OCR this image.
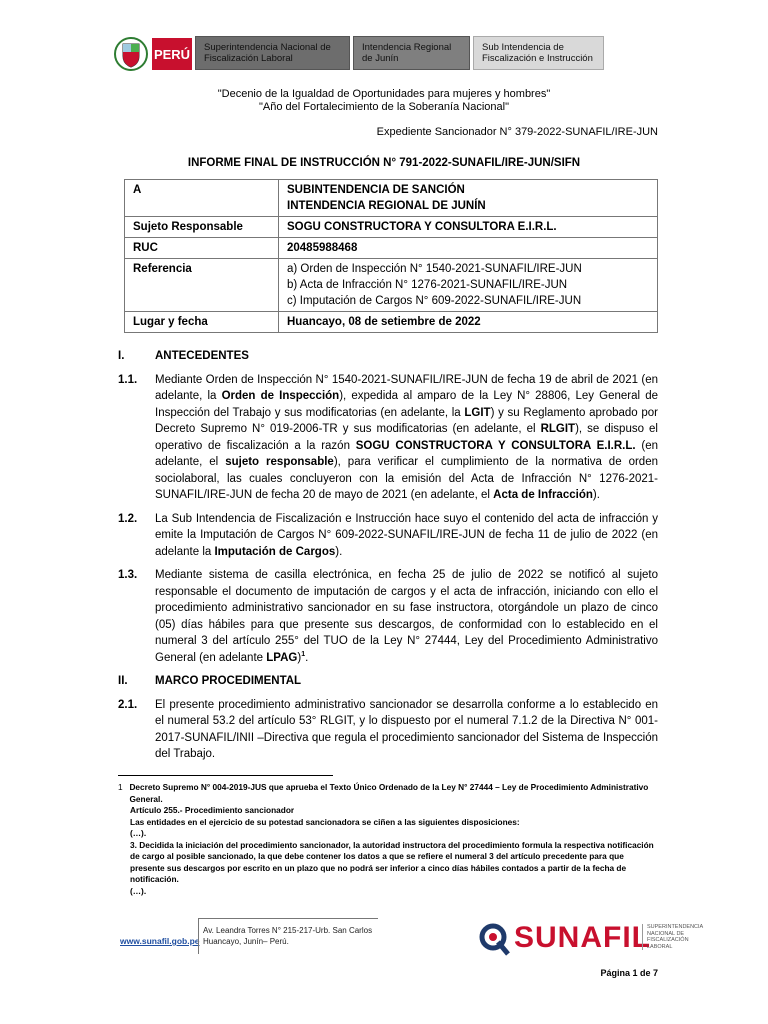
PERÚ	Superintendencia Nacional de Fiscalización Laboral
Intendencia Regional de Junín
Sub Intendencia de Fiscalización e Instrucción
"Decenio de la Igualdad de Oportunidades para mujeres y hombres"
"Año del Fortalecimiento de la Soberanía Nacional"
Expediente Sancionador N° 379-2022-SUNAFIL/IRE-JUN
INFORME FINAL DE INSTRUCCIÓN N° 791-2022-SUNAFIL/IRE-JUN/SIFN
A	SUBINTENDENCIA DE SANCIÓN
INTENDENCIA REGIONAL DE JUNÍN

Sujeto Responsable	SOGU CONSTRUCTORA Y CONSULTORA E.I.R.L.
RUC	20485988468
Referencia	a) Orden de Inspección N° 1540-2021-SUNAFIL/IRE-JUN
b) Acta de Infracción N° 1276-2021-SUNAFIL/IRE-JUN
c) Imputación de Cargos N° 609-2022-SUNAFIL/IRE-JUN

Lugar y fecha	Huancayo, 08 de setiembre de 2022
I.	ANTECEDENTES
1.1.	Mediante Orden de Inspección N° 1540-2021-SUNAFIL/IRE-JUN de fecha 19 de abril de 2021 (en adelante, la Orden de Inspección), expedida al amparo de la Ley N° 28806, Ley General de Inspección del Trabajo y sus modificatorias (en adelante, la LGIT) y su Reglamento aprobado por Decreto Supremo N° 019-2006-TR y sus modificatorias (en adelante, el RLGIT), se dispuso el operativo de fiscalización a la razón SOGU CONSTRUCTORA Y CONSULTORA E.I.R.L. (en adelante, el sujeto responsable), para verificar el cumplimiento de la normativa de orden sociolaboral, las cuales concluyeron con la emisión del Acta de Infracción N° 1276-2021- SUNAFIL/IRE-JUN de fecha 20 de mayo de 2021 (en adelante, el Acta de Infracción).
1.2.	La Sub Intendencia de Fiscalización e Instrucción hace suyo el contenido del acta de infracción y emite la Imputación de Cargos N° 609-2022-SUNAFIL/IRE-JUN de fecha 11 de julio de 2022 (en adelante la Imputación de Cargos).
1.3.	Mediante sistema de casilla electrónica, en fecha 25 de julio de 2022 se notificó al sujeto responsable el documento de imputación de cargos y el acta de infracción, iniciando con ello el procedimiento administrativo sancionador en su fase instructora, otorgándole un plazo de cinco (05) días hábiles para que presente sus descargos, de conformidad con lo establecido en el numeral 3 del artículo 255° del TUO de la Ley N° 27444, Ley del Procedimiento Administrativo General (en adelante LPAG)$^1$.
II.	MARCO PROCEDIMENTAL
2.1.	El presente procedimiento administrativo sancionador se desarrolla conforme a lo establecido en el numeral 53.2 del artículo 53° RLGIT, y lo dispuesto por el numeral 7.1.2 de la Directiva N° 001-2017-SUNAFIL/INII –Directiva que regula el procedimiento sancionador del Sistema de Inspección del Trabajo.
1 Decreto Supremo N° 004-2019-JUS que aprueba el Texto Único Ordenado de la Ley N° 27444 – Ley de Procedimiento Administrativo General.
Artículo 255.- Procedimiento sancionador
Las entidades en el ejercicio de su potestad sancionadora se ciñen a las siguientes disposiciones:
(…).
3. Decidida la iniciación del procedimiento sancionador, la autoridad instructora del procedimiento formula la respectiva notificación de cargo al posible sancionado, la que debe contener los datos a que se refiere el numeral 3 del artículo precedente para que presente sus descargos por escrito en un plazo que no podrá ser inferior a cinco días hábiles contados a partir de la fecha de notificación.
(…).
www.sunafil.gob.pe
Av. Leandra Torres N° 215-217-Urb. San Carlos
Huancayo, Junín– Perú.	SUNAFIL
SUPERINTENDENCIA
NACIONAL DE
FISCALIZACIÓN
LABORAL
Página 1 de 7
